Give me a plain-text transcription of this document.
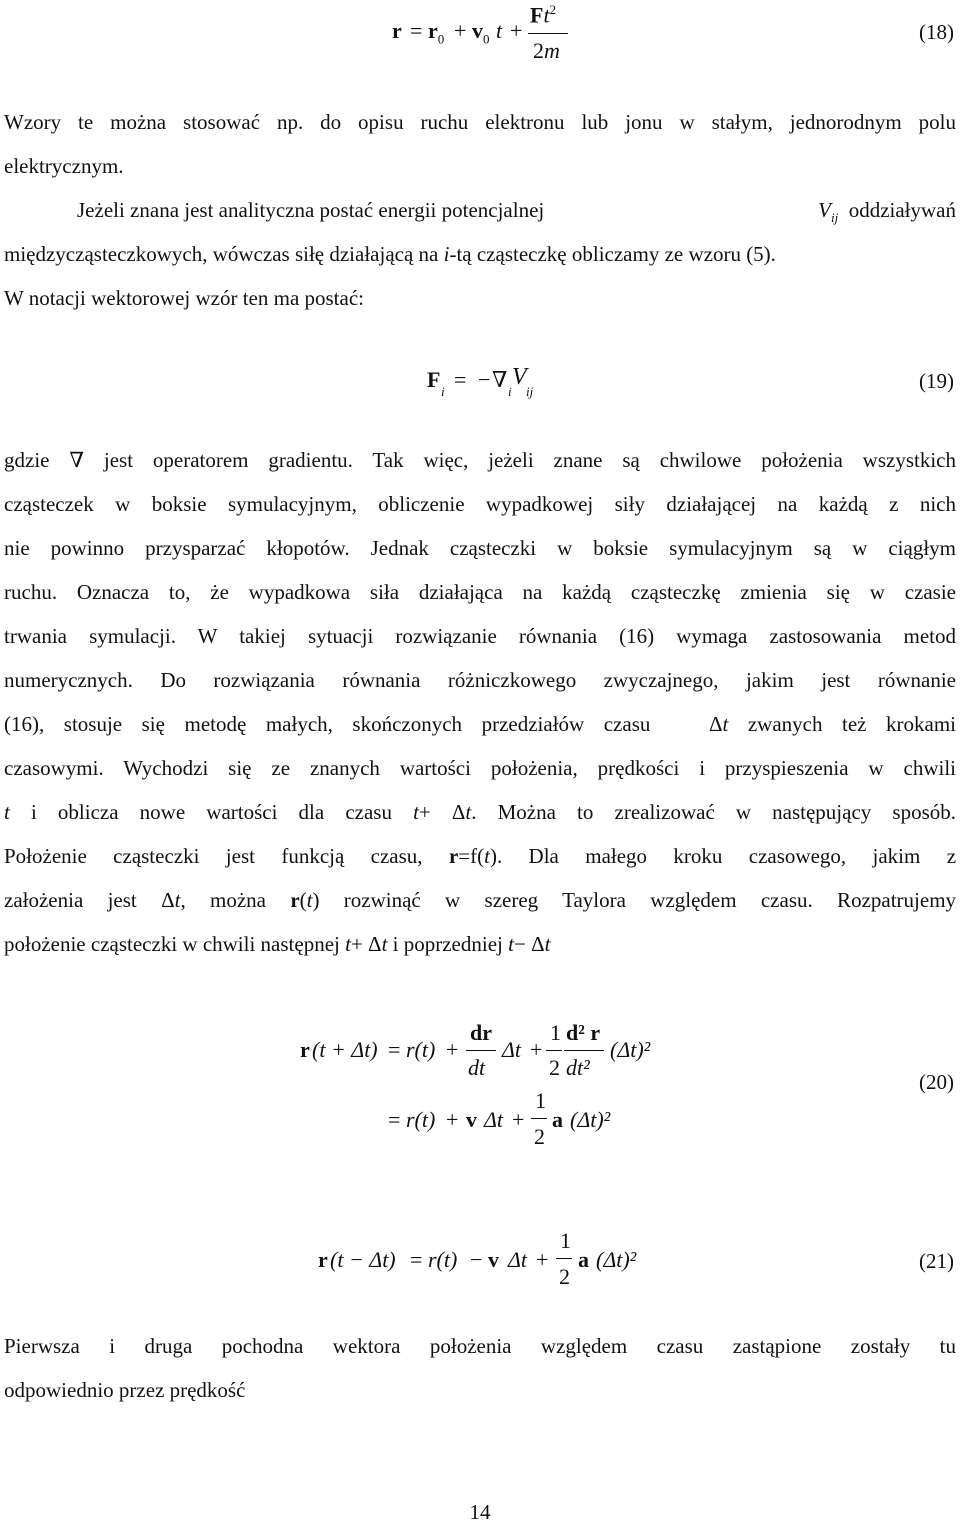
$r = r_0 + v_0$ t +
$Ft^2$
2m
(18)
Wzory te można stosować np. do opisu ruchu elektronu lub jonu w stałym, jednorodnym polu
elektrycznym.
Jeżeli znana jest analityczna postać energii potencjalnej	$V_{ij}$ oddziaływań
międzycząsteczkowych, wówczas siłę działającą na i-tą cząsteczkę obliczamy ze wzoru (5).
W notacji wektorowej wzór ten ma postać:
F i = − ∇ i
V
ij	(19)
gdzie ∇ jest operatorem gradientu. Tak więc, jeżeli znane są chwilowe położenia wszystkich
cząsteczek w boksie symulacyjnym, obliczenie wypadkowej siły działającej na każdą z nich
nie powinno przysparzać kłopotów. Jednak cząsteczki w boksie symulacyjnym są w ciągłym
ruchu. Oznacza to, że wypadkowa siła działająca na każdą cząsteczkę zmienia się w czasie
trwania symulacji. W takiej sytuacji rozwiązanie równania (16) wymaga zastosowania metod
numerycznych. Do rozwiązania równania różniczkowego zwyczajnego, jakim jest równanie
(16), stosuje się metodę małych, skończonych przedziałów czasu	Δt zwanych też krokami
czasowymi. Wychodzi się ze znanych wartości położenia, prędkości i przyspieszenia w chwili
t i oblicza nowe wartości dla czasu t+ Δt. Można to zrealizować w następujący sposób.
Położenie cząsteczki jest funkcją czasu, r=f(t). Dla małego kroku czasowego, jakim z
założenia jest Δt, można r(t) rozwinąć w szereg Taylora względem czasu. Rozpatrujemy
położenie cząsteczki w chwili następnej t+ Δt i poprzedniej t− Δt
r (t + Δt) = r(t) +
dr
dt
Δt +
1
2
d² r
dt²
(Δt)²
= r(t) + v Δt +
1
2
a (Δt)²
(20)
r (t − Δt) = r(t) − v Δt +
1
2
a (Δt)²	(21)
Pierwsza i druga pochodna wektora położenia względem czasu zastąpione zostały tu
odpowiednio przez prędkość
14
